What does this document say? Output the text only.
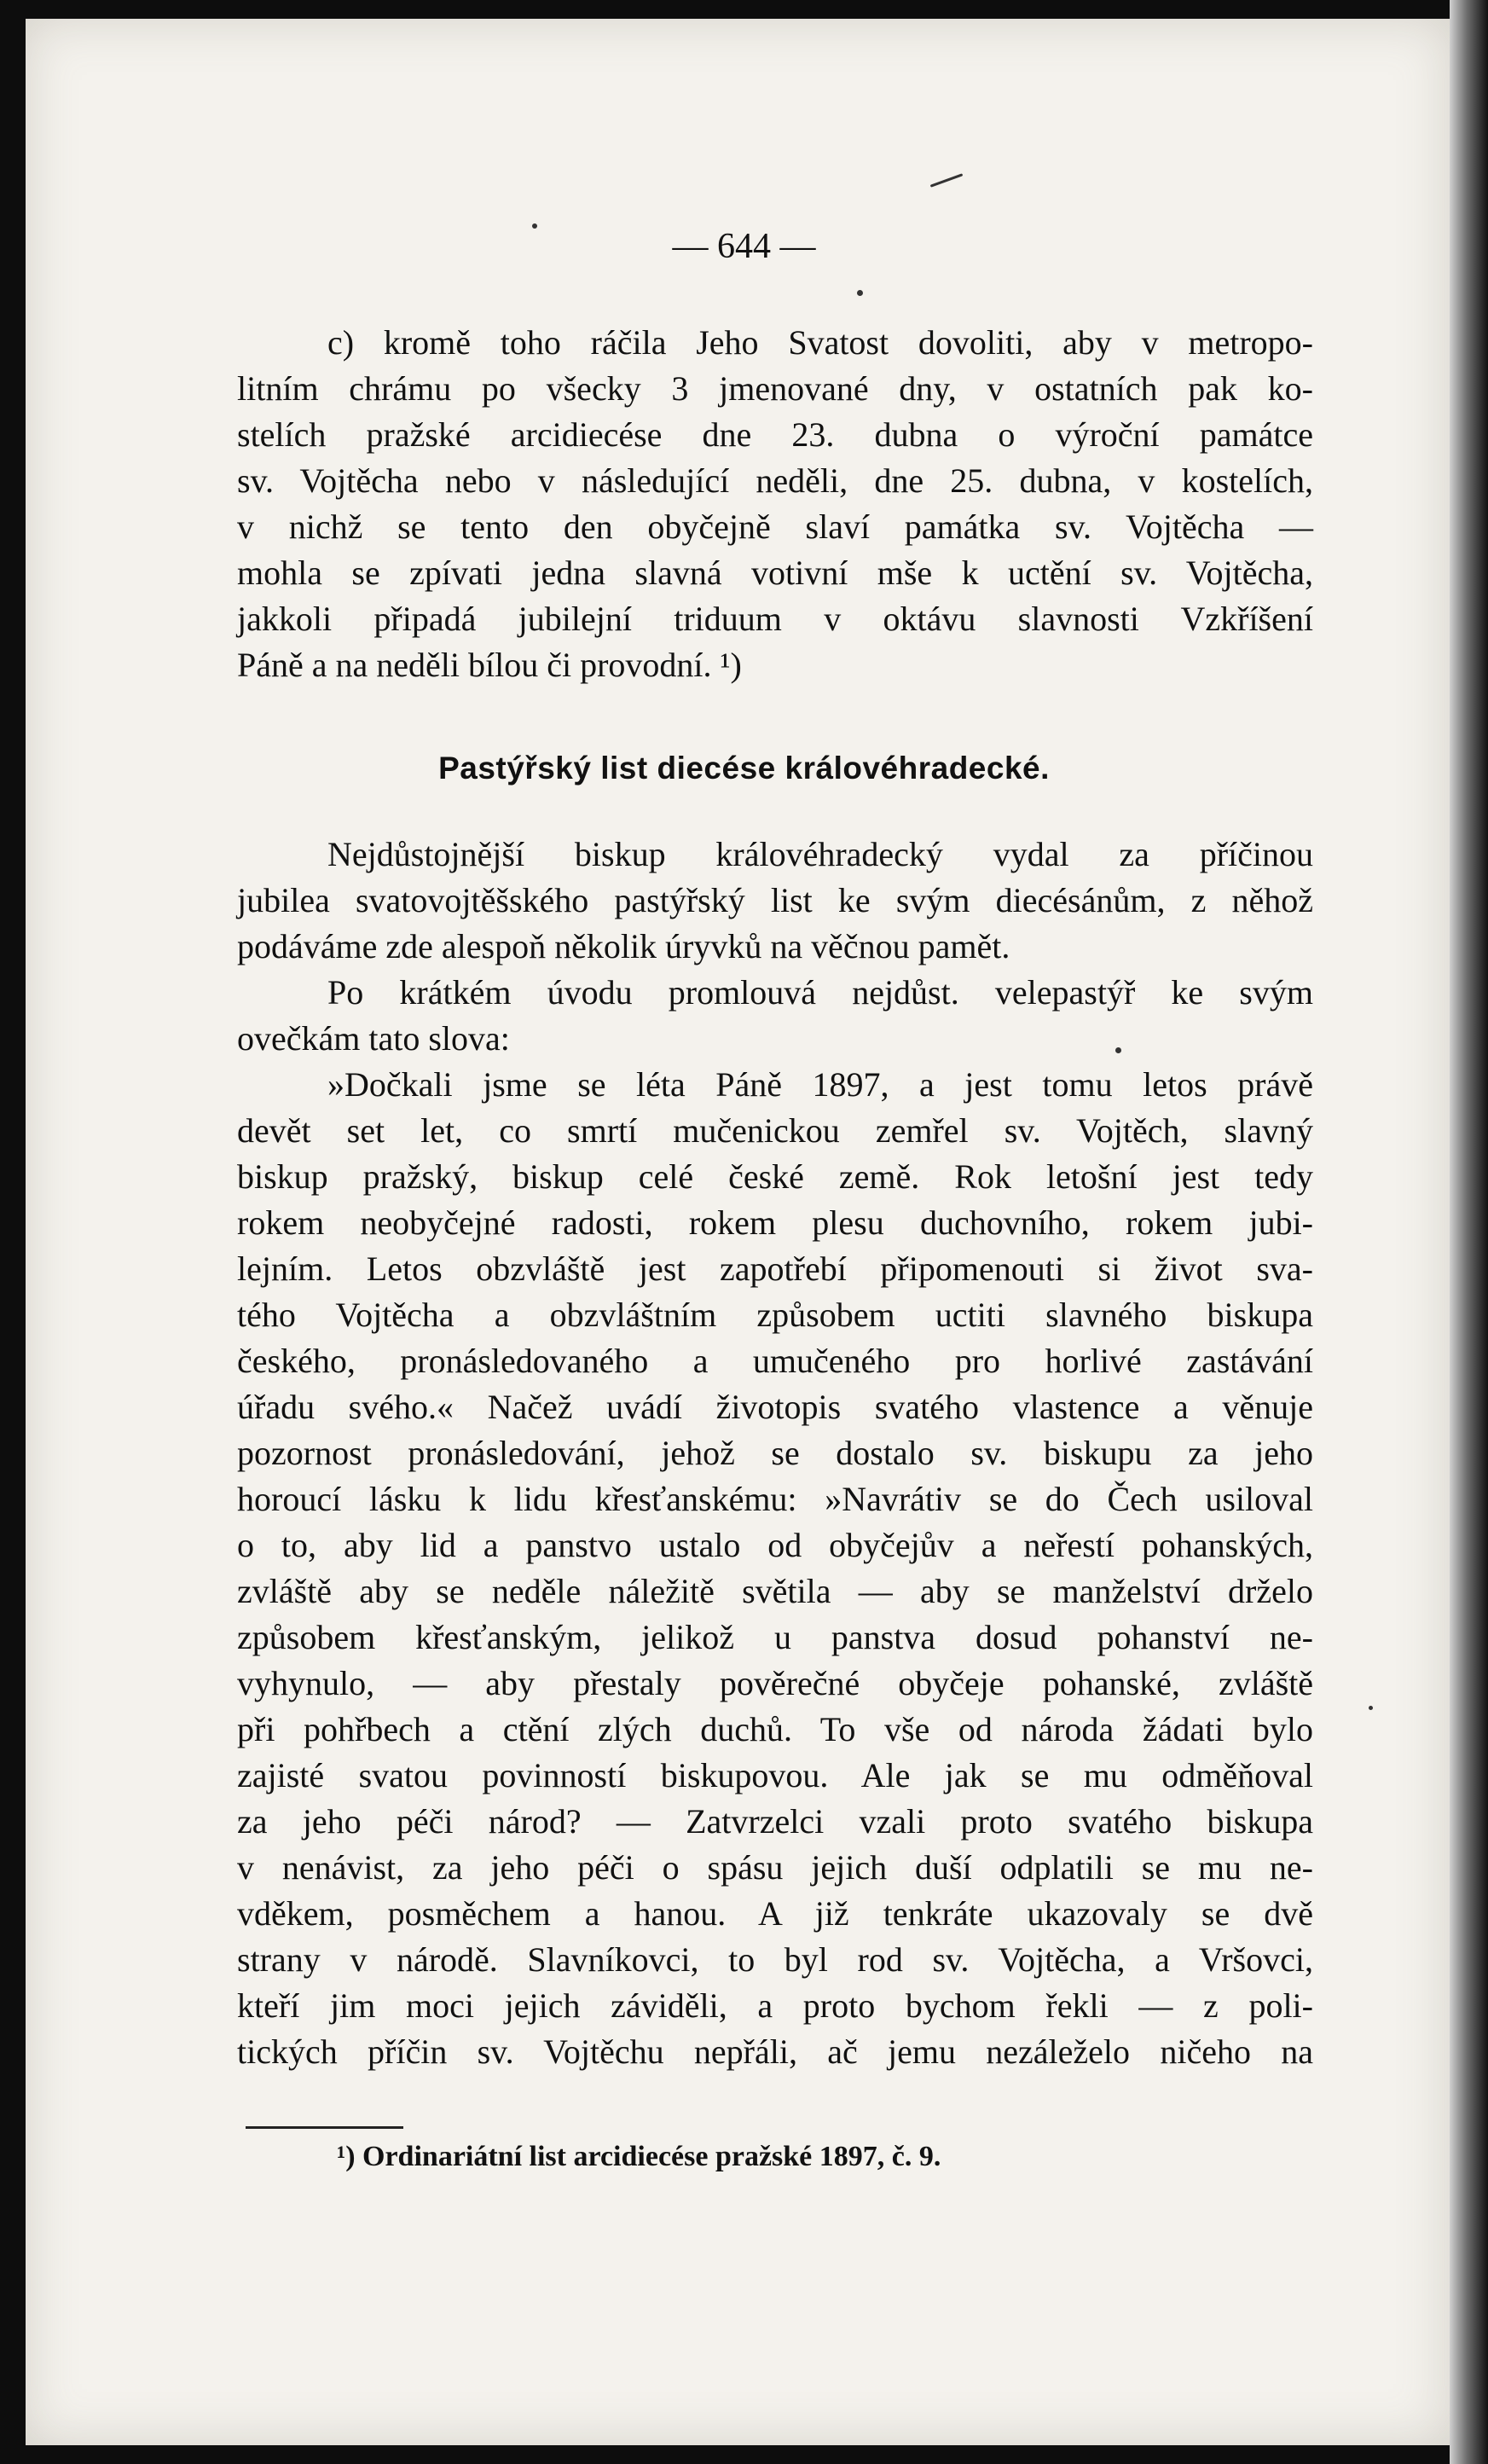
— 644 —
c) kromě toho ráčila Jeho Svatost dovoliti, aby v metropo-
litním chrámu po všecky 3 jmenované dny, v ostatních pak ko-
stelích pražské arcidiecése dne 23. dubna o výroční památce
sv. Vojtěcha nebo v následující neděli, dne 25. dubna, v kostelích,
v nichž se tento den obyčejně slaví památka sv. Vojtěcha —
mohla se zpívati jedna slavná votivní mše k uctění sv. Vojtěcha,
jakkoli připadá jubilejní triduum v oktávu slavnosti Vzkříšení
Páně a na neděli bílou či provodní. ¹)
Pastýřský list diecése královéhradecké.
Nejdůstojnější biskup královéhradecký vydal za příčinou
jubilea svatovojtěšského pastýřský list ke svým diecésánům, z něhož
podáváme zde alespoň několik úryvků na věčnou pamět.
Po krátkém úvodu promlouvá nejdůst. velepastýř ke svým
ovečkám tato slova:
»Dočkali jsme se léta Páně 1897, a jest tomu letos právě
devět set let, co smrtí mučenickou zemřel sv. Vojtěch, slavný
biskup pražský, biskup celé české země. Rok letošní jest tedy
rokem neobyčejné radosti, rokem plesu duchovního, rokem jubi-
lejním. Letos obzvláště jest zapotřebí připomenouti si život sva-
tého Vojtěcha a obzvláštním způsobem uctiti slavného biskupa
českého, pronásledovaného a umučeného pro horlivé zastávání
úřadu svého.« Načež uvádí životopis svatého vlastence a věnuje
pozornost pronásledování, jehož se dostalo sv. biskupu za jeho
horoucí lásku k lidu křesťanskému: »Navrátiv se do Čech usiloval
o to, aby lid a panstvo ustalo od obyčejův a neřestí pohanských,
zvláště aby se neděle náležitě světila — aby se manželství drželo
způsobem křesťanským, jelikož u panstva dosud pohanství ne-
vyhynulo, — aby přestaly pověrečné obyčeje pohanské, zvláště
při pohřbech a ctění zlých duchů. To vše od národa žádati bylo
zajisté svatou povinností biskupovou. Ale jak se mu odměňoval
za jeho péči národ? — Zatvrzelci vzali proto svatého biskupa
v nenávist, za jeho péči o spásu jejich duší odplatili se mu ne-
vděkem, posměchem a hanou. A již tenkráte ukazovaly se dvě
strany v národě. Slavníkovci, to byl rod sv. Vojtěcha, a Vršovci,
kteří jim moci jejich záviděli, a proto bychom řekli — z poli-
tických příčin sv. Vojtěchu nepřáli, ač jemu nezáleželo ničeho na
¹) Ordinariátní list arcidiecése pražské 1897, č. 9.
